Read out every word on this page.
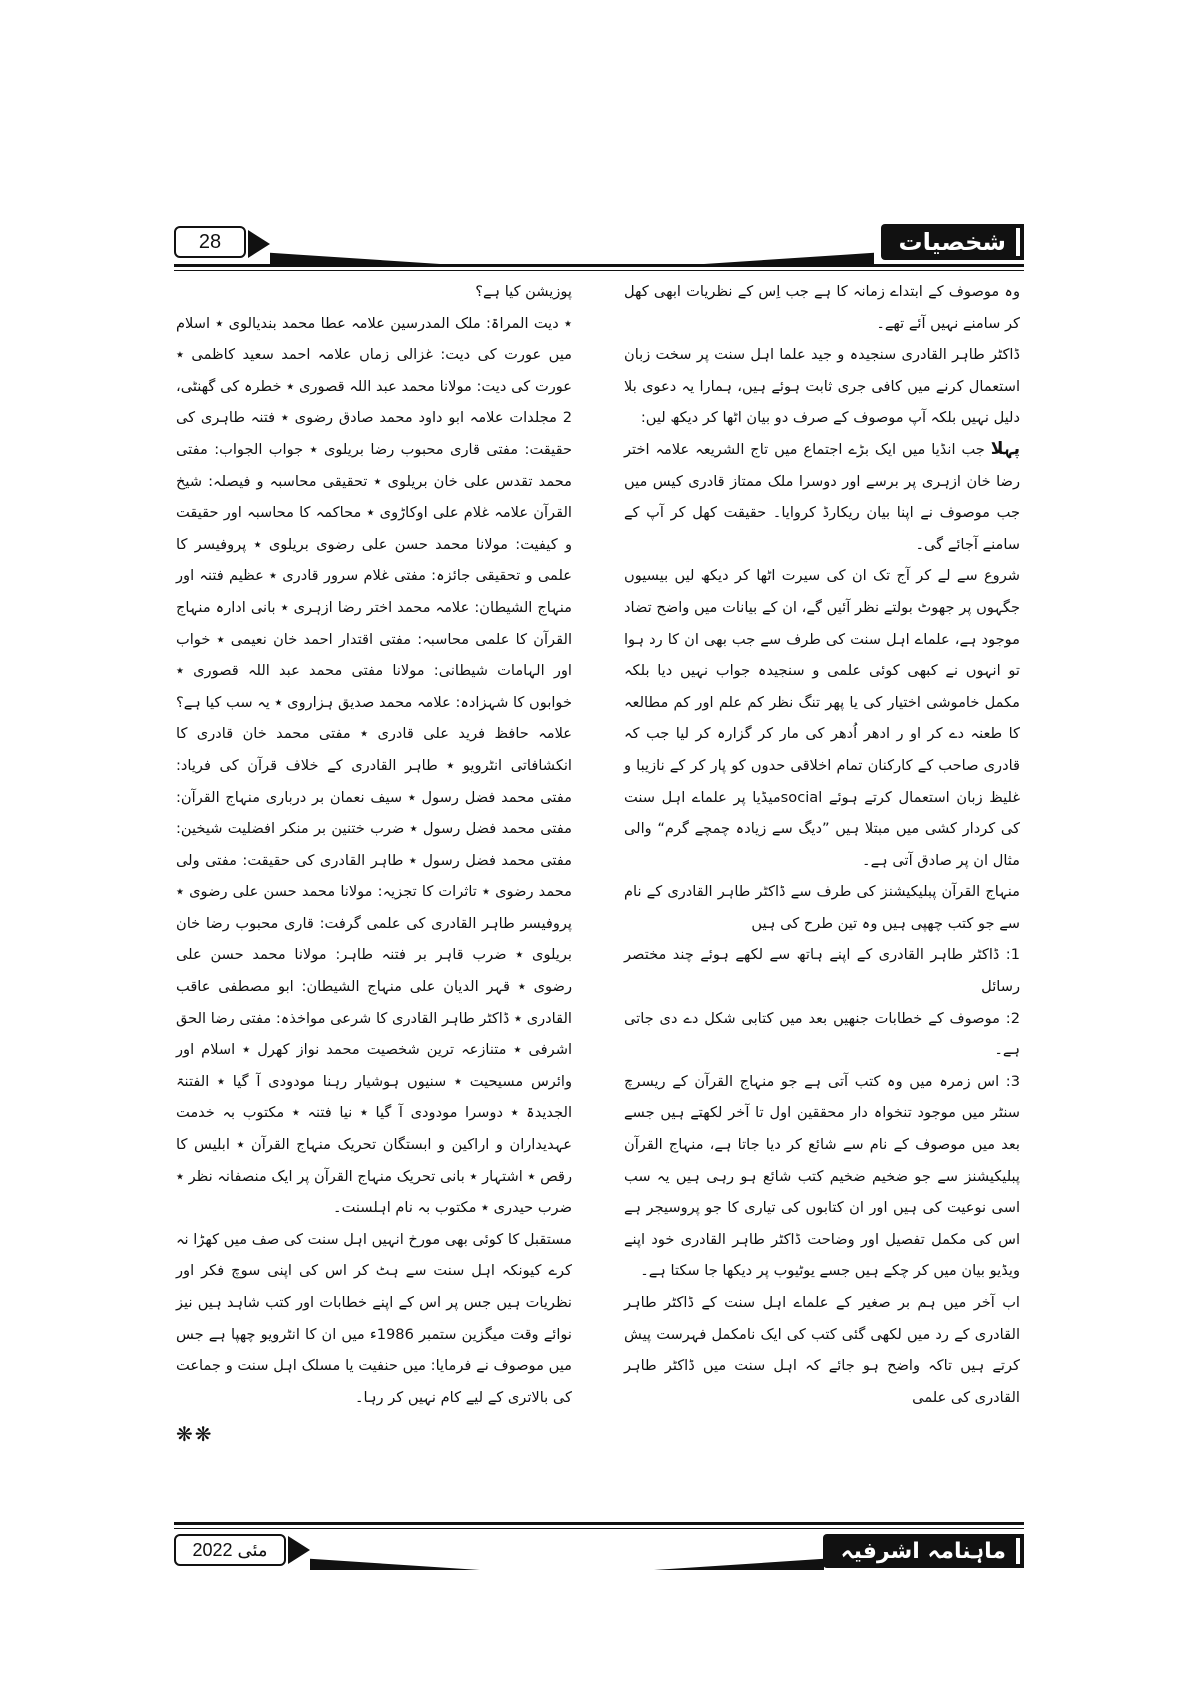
28	شخصیات

وہ موصوف کے ابتداے زمانہ کا ہے جب اِس کے نظریات ابھی کھل کر سامنے نہیں آئے تھے۔

ڈاکٹر طاہر القادری سنجیدہ و جید علما اہل سنت پر سخت زبان استعمال کرنے میں کافی جری ثابت ہوئے ہیں، ہمارا یہ دعوی بلا دلیل نہیں بلکہ آپ موصوف کے صرف دو بیان اٹھا کر دیکھ لیں:

پہلا جب انڈیا میں ایک بڑے اجتماع میں تاج الشریعہ علامہ اختر رضا خان ازہری پر برسے اور دوسرا ملک ممتاز قادری کیس میں جب موصوف نے اپنا بیان ریکارڈ کروایا۔ حقیقت کھل کر آپ کے سامنے آجائے گی۔

شروع سے لے کر آج تک ان کی سیرت اٹھا کر دیکھ لیں بیسیوں جگہوں پر جھوٹ بولتے نظر آئیں گے، ان کے بیانات میں واضح تضاد موجود ہے، علماے اہل سنت کی طرف سے جب بھی ان کا رد ہوا تو انہوں نے کبھی کوئی علمی و سنجیدہ جواب نہیں دیا بلکہ مکمل خاموشی اختیار کی یا پھر تنگ نظر کم علم اور کم مطالعہ کا طعنہ دے کر او ر ادھر اُدھر کی مار کر گزارہ کر لیا جب کہ قادری صاحب کے کارکنان تمام اخلاقی حدوں کو پار کر کے نازیبا و غلیظ زبان استعمال کرتے ہوئے socialمیڈیا پر علماے اہل سنت کی کردار کشی میں مبتلا ہیں ”دیگ سے زیادہ چمچے گرم“ والی مثال ان پر صادق آتی ہے۔

منہاج القرآن پبلیکیشنز کی طرف سے ڈاکٹر طاہر القادری کے نام سے جو کتب چھپی ہیں وہ تین طرح کی ہیں

1: ڈاکٹر طاہر القادری کے اپنے ہاتھ سے لکھے ہوئے چند مختصر رسائل

2: موصوف کے خطابات جنھیں بعد میں کتابی شکل دے دی جاتی ہے۔

3: اس زمرہ میں وہ کتب آتی ہے جو منہاج القرآن کے ریسرچ سنٹر میں موجود تنخواہ دار محققین اول تا آخر لکھتے ہیں جسے بعد میں موصوف کے نام سے شائع کر دیا جاتا ہے، منہاج القرآن پبلیکیشنز سے جو ضخیم ضخیم کتب شائع ہو رہی ہیں یہ سب اسی نوعیت کی ہیں اور ان کتابوں کی تیاری کا جو پروسیجر ہے اس کی مکمل تفصیل اور وضاحت ڈاکٹر طاہر القادری خود اپنے ویڈیو بیان میں کر چکے ہیں جسے یوٹیوب پر دیکھا جا سکتا ہے۔

اب آخر میں ہم بر صغیر کے علماے اہل سنت کے ڈاکٹر طاہر القادری کے رد میں لکھی گئی کتب کی ایک نامکمل فہرست پیش کرتے ہیں تاکہ واضح ہو جائے کہ اہل سنت میں ڈاکٹر طاہر القادری کی علمی

پوزیشن کیا ہے؟

٭ دیت المراۃ: ملک المدرسین علامہ عطا محمد بندیالوی ٭ اسلام میں عورت کی دیت: غزالی زماں علامہ احمد سعید کاظمی ٭ عورت کی دیت: مولانا محمد عبد اللہ قصوری ٭ خطرہ کی گھنٹی، 2 مجلدات علامہ ابو داود محمد صادق رضوی ٭ فتنہ طاہری کی حقیقت: مفتی قاری محبوب رضا بریلوی ٭ جواب الجواب: مفتی محمد تقدس علی خان بریلوی ٭ تحقیقی محاسبہ و فیصلہ: شیخ القرآن علامہ غلام علی اوکاڑوی ٭ محاکمہ کا محاسبہ اور حقیقت و کیفیت: مولانا محمد حسن علی رضوی بریلوی ٭ پروفیسر کا علمی و تحقیقی جائزہ: مفتی غلام سرور قادری ٭ عظیم فتنہ اور منہاج الشیطان: علامہ محمد اختر رضا ازہری ٭ بانی ادارہ منہاج القرآن کا علمی محاسبہ: مفتی اقتدار احمد خان نعیمی ٭ خواب اور الہامات شیطانی: مولانا مفتی محمد عبد اللہ قصوری ٭ خوابوں کا شہزادہ: علامہ محمد صدیق ہزاروی ٭ یہ سب کیا ہے؟ علامہ حافظ فرید علی قادری ٭ مفتی محمد خان قادری کا انکشافاتی انٹرویو ٭ طاہر القادری کے خلاف قرآن کی فریاد: مفتی محمد فضل رسول ٭ سیف نعمان بر درباری منہاج القرآن: مفتی محمد فضل رسول ٭ ضرب ختنین بر منکر افضلیت شیخین: مفتی محمد فضل رسول ٭ طاہر القادری کی حقیقت: مفتی ولی محمد رضوی ٭ تاثرات کا تجزیہ: مولانا محمد حسن علی رضوی ٭ پروفیسر طاہر القادری کی علمی گرفت: قاری محبوب رضا خان بریلوی ٭ ضرب قاہر بر فتنہ طاہر: مولانا محمد حسن علی رضوی ٭ قہر الدیان علی منہاج الشیطان: ابو مصطفی عاقب القادری ٭ ڈاکٹر طاہر القادری کا شرعی مواخذہ: مفتی رضا الحق اشرفی ٭ متنازعہ ترین شخصیت محمد نواز کھرل ٭ اسلام اور وائرس مسیحیت ٭ سنیوں ہوشیار رہنا مودودی آ گیا ٭ الفتنۃ الجدیدۃ ٭ دوسرا مودودی آ گیا ٭ نیا فتنہ ٭ مکتوب بہ خدمت عہدیداران و اراکین و ابستگان تحریک منہاج القرآن ٭ ابلیس کا رقص ٭ اشتہار ٭ بانی تحریک منہاج القرآن پر ایک منصفانہ نظر ٭ ضرب حیدری ٭ مکتوب بہ نام اہلسنت۔

مستقبل کا کوئی بھی مورخ انہیں اہل سنت کی صف میں کھڑا نہ کرے کیونکہ اہل سنت سے ہٹ کر اس کی اپنی سوچ فکر اور نظریات ہیں جس پر اس کے اپنے خطابات اور کتب شاہد ہیں نیز نوائے وقت میگزین ستمبر 1986ء میں ان کا انٹرویو چھپا ہے جس میں موصوف نے فرمایا: میں حنفیت یا مسلک اہل سنت و جماعت کی بالاتری کے لیے کام نہیں کر رہا۔

❋❋
مئی 2022	ماہنامہ اشرفیہ
